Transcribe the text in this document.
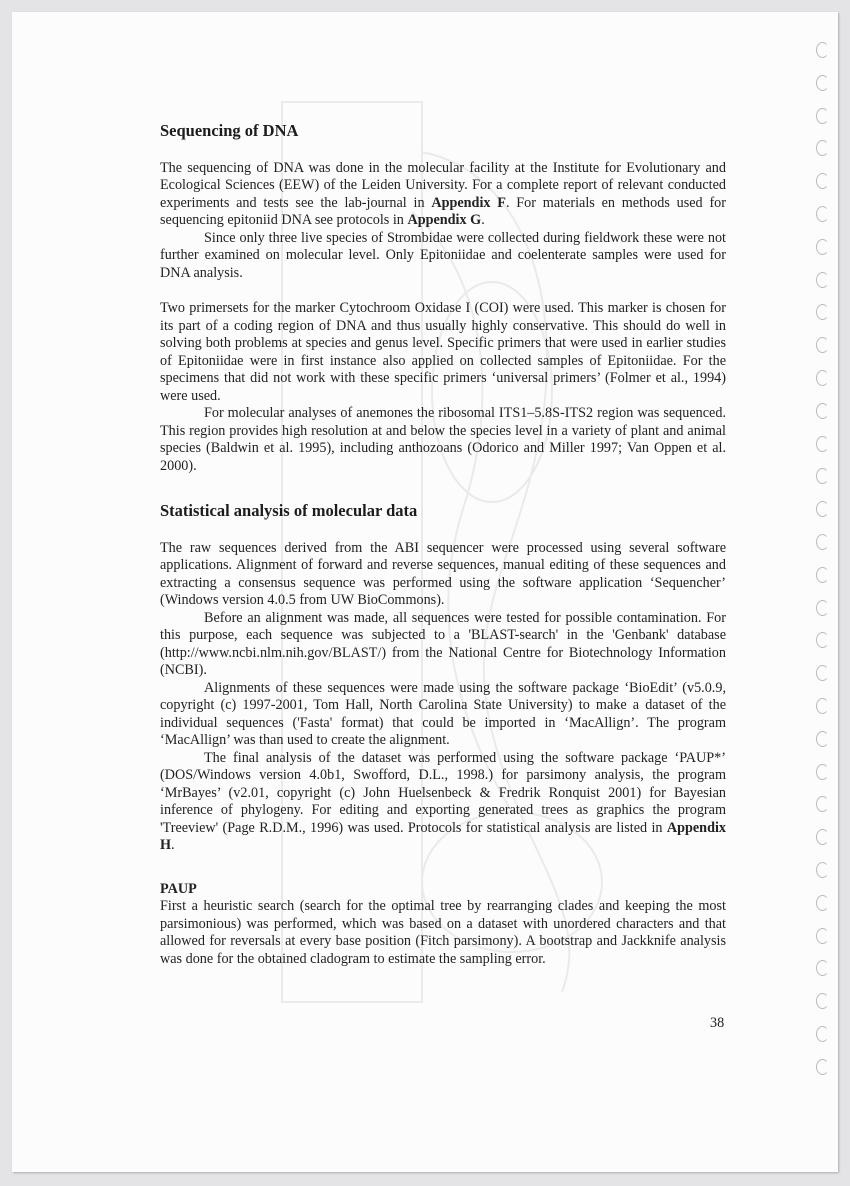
Sequencing of DNA

The sequencing of DNA was done in the molecular facility at the Institute for Evolutionary and Ecological Sciences (EEW) of the Leiden University. For a complete report of relevant conducted experiments and tests see the lab-journal in Appendix F. For materials en methods used for sequencing epitoniid DNA see protocols in Appendix G.

Since only three live species of Strombidae were collected during fieldwork these were not further examined on molecular level. Only Epitoniidae and coelenterate samples were used for DNA analysis.

Two primersets for the marker Cytochroom Oxidase I (COI) were used. This marker is chosen for its part of a coding region of DNA and thus usually highly conservative. This should do well in solving both problems at species and genus level. Specific primers that were used in earlier studies of Epitoniidae were in first instance also applied on collected samples of Epitoniidae. For the specimens that did not work with these specific primers ‘universal primers’ (Folmer et al., 1994) were used.

For molecular analyses of anemones the ribosomal ITS1–5.8S-ITS2 region was sequenced. This region provides high resolution at and below the species level in a variety of plant and animal species (Baldwin et al. 1995), including anthozoans (Odorico and Miller 1997; Van Oppen et al. 2000).

Statistical analysis of molecular data

The raw sequences derived from the ABI sequencer were processed using several software applications. Alignment of forward and reverse sequences, manual editing of these sequences and extracting a consensus sequence was performed using the software application ‘Sequencher’ (Windows version 4.0.5 from UW BioCommons).

Before an alignment was made, all sequences were tested for possible contamination. For this purpose, each sequence was subjected to a 'BLAST-search' in the 'Genbank' database (http://www.ncbi.nlm.nih.gov/BLAST/) from the National Centre for Biotechnology Information (NCBI).

Alignments of these sequences were made using the software package ‘BioEdit’ (v5.0.9, copyright (c) 1997-2001, Tom Hall, North Carolina State University) to make a dataset of the individual sequences ('Fasta' format) that could be imported in ‘MacAllign’. The program ‘MacAllign’ was than used to create the alignment.

The final analysis of the dataset was performed using the software package ‘PAUP*’ (DOS/Windows version 4.0b1, Swofford, D.L., 1998.) for parsimony analysis, the program ‘MrBayes’ (v2.01, copyright (c) John Huelsenbeck & Fredrik Ronquist 2001) for Bayesian inference of phylogeny. For editing and exporting generated trees as graphics the program 'Treeview' (Page R.D.M., 1996) was used. Protocols for statistical analysis are listed in Appendix H.

PAUP

First a heuristic search (search for the optimal tree by rearranging clades and keeping the most parsimonious) was performed, which was based on a dataset with unordered characters and that allowed for reversals at every base position (Fitch parsimony). A bootstrap and Jackknife analysis was done for the obtained cladogram to estimate the sampling error.

38
